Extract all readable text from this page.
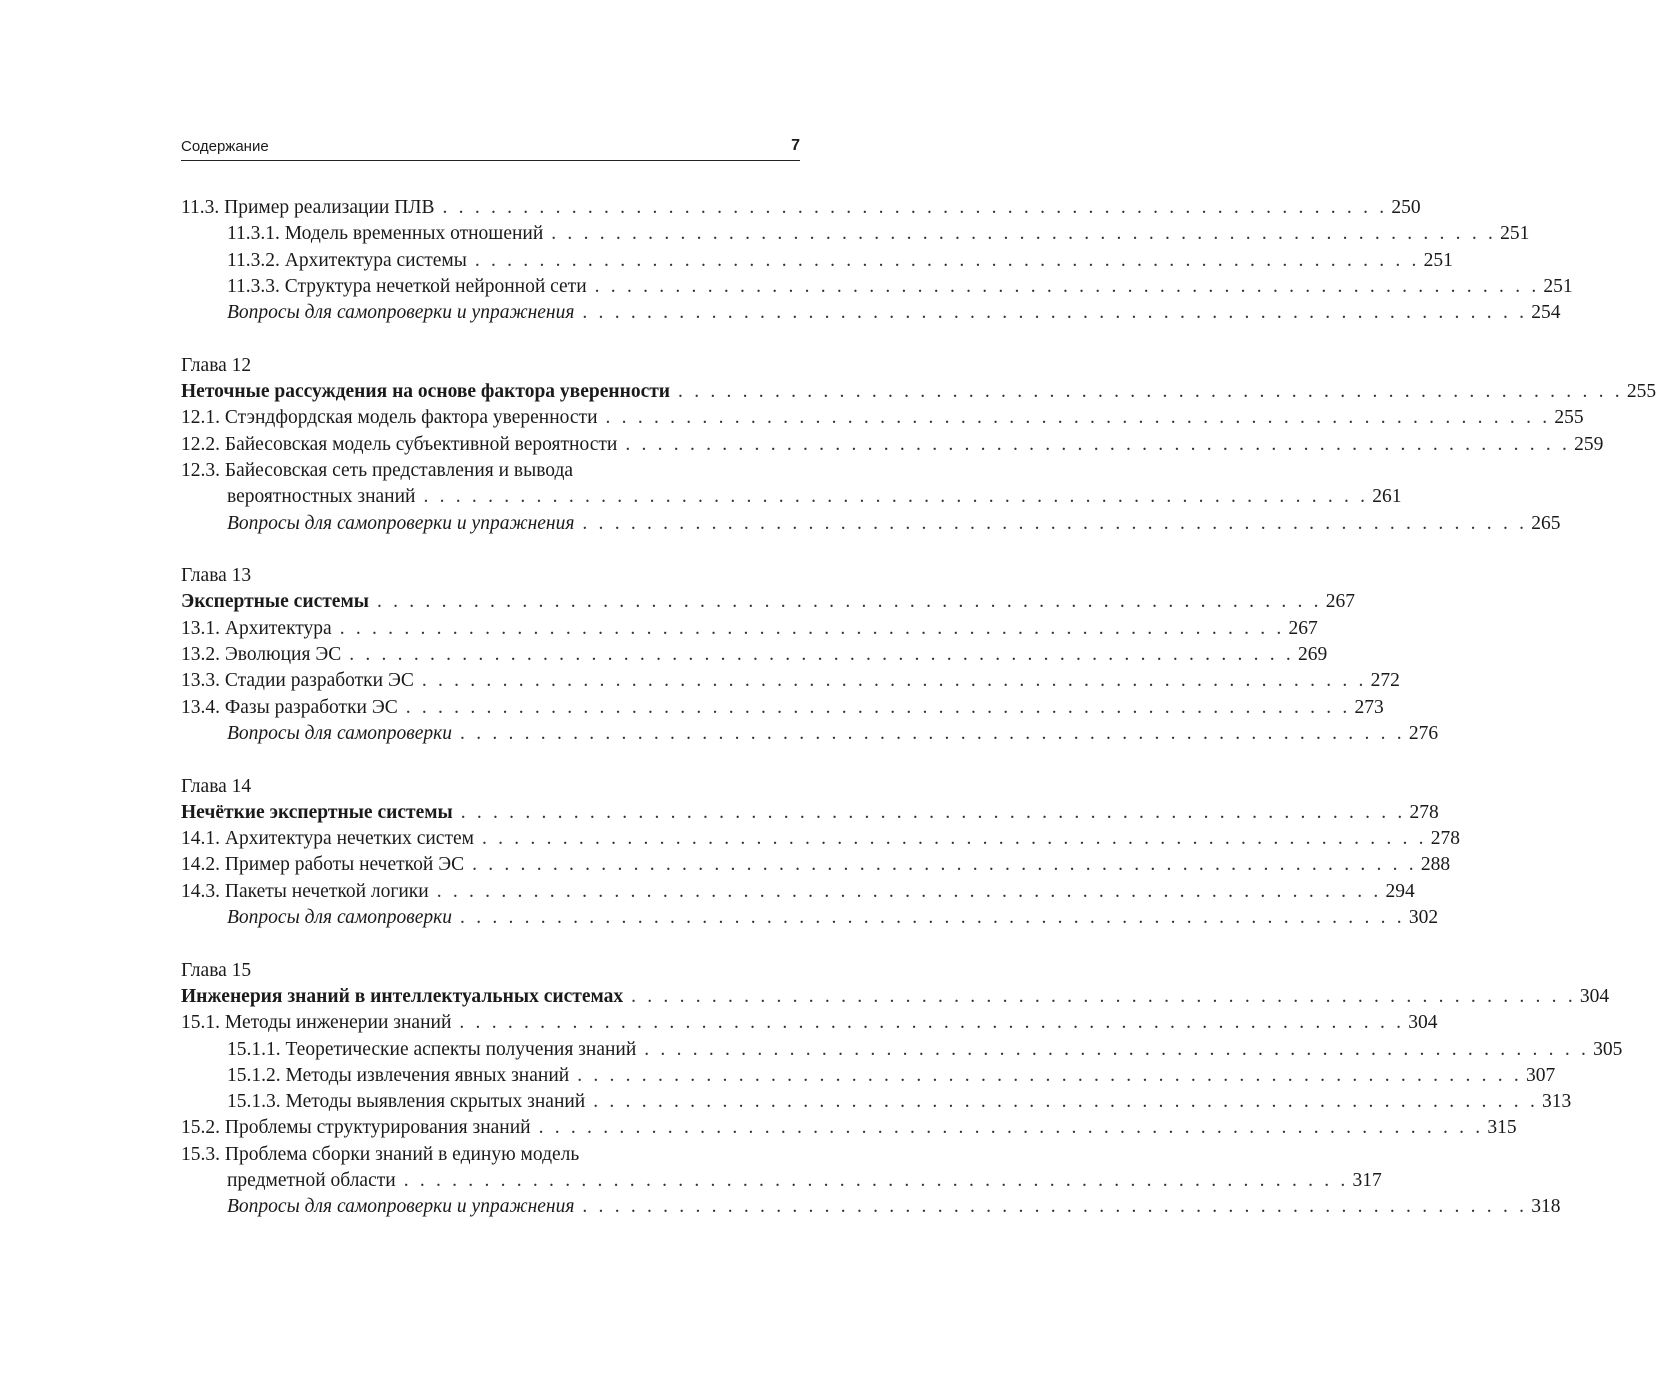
Содержание	7
11.3. Пример реализации ПЛВ . . . . . . . . . . . . . . . . . . . . . . . . . . . . . . . . . . . . . . . . . . . . . . . . . . . . . . . . . . . 250
11.3.1. Модель временных отношений . . . . . . . . . . . . . . . . . . . . . . . . . . . . . . . . . . . . . . . . . . . . . . . . . . . . . . . . . . . 251
11.3.2. Архитектура системы . . . . . . . . . . . . . . . . . . . . . . . . . . . . . . . . . . . . . . . . . . . . . . . . . . . . . . . . . . . 251
11.3.3. Структура нечеткой нейронной сети . . . . . . . . . . . . . . . . . . . . . . . . . . . . . . . . . . . . . . . . . . . . . . . . . . . . . . . . . . . 251
Вопросы для самопроверки и упражнения . . . . . . . . . . . . . . . . . . . . . . . . . . . . . . . . . . . . . . . . . . . . . . . . . . . . . . . . . . . 254
Глава 12
Неточные рассуждения на основе фактора уверенности . . . . . . . . . . . . . . . . . . . . . . . . . . . . . . . . . . . . . . . . . . . . . . . . . . . . . . . . . . . 255
12.1. Стэндфордская модель фактора уверенности . . . . . . . . . . . . . . . . . . . . . . . . . . . . . . . . . . . . . . . . . . . . . . . . . . . . . . . . . . . 255
12.2. Байесовская модель субъективной вероятности . . . . . . . . . . . . . . . . . . . . . . . . . . . . . . . . . . . . . . . . . . . . . . . . . . . . . . . . . . . 259
12.3. Байесовская сеть представления и вывода
вероятностных знаний . . . . . . . . . . . . . . . . . . . . . . . . . . . . . . . . . . . . . . . . . . . . . . . . . . . . . . . . . . . 261
Вопросы для самопроверки и упражнения . . . . . . . . . . . . . . . . . . . . . . . . . . . . . . . . . . . . . . . . . . . . . . . . . . . . . . . . . . . 265
Глава 13
Экспертные системы . . . . . . . . . . . . . . . . . . . . . . . . . . . . . . . . . . . . . . . . . . . . . . . . . . . . . . . . . . . 267
13.1. Архитектура . . . . . . . . . . . . . . . . . . . . . . . . . . . . . . . . . . . . . . . . . . . . . . . . . . . . . . . . . . . 267
13.2. Эволюция ЭС . . . . . . . . . . . . . . . . . . . . . . . . . . . . . . . . . . . . . . . . . . . . . . . . . . . . . . . . . . . 269
13.3. Стадии разработки ЭС . . . . . . . . . . . . . . . . . . . . . . . . . . . . . . . . . . . . . . . . . . . . . . . . . . . . . . . . . . . 272
13.4. Фазы разработки ЭС . . . . . . . . . . . . . . . . . . . . . . . . . . . . . . . . . . . . . . . . . . . . . . . . . . . . . . . . . . . 273
Вопросы для самопроверки . . . . . . . . . . . . . . . . . . . . . . . . . . . . . . . . . . . . . . . . . . . . . . . . . . . . . . . . . . . 276
Глава 14
Нечёткие экспертные системы . . . . . . . . . . . . . . . . . . . . . . . . . . . . . . . . . . . . . . . . . . . . . . . . . . . . . . . . . . . 278
14.1. Архитектура нечетких систем . . . . . . . . . . . . . . . . . . . . . . . . . . . . . . . . . . . . . . . . . . . . . . . . . . . . . . . . . . . 278
14.2. Пример работы нечеткой ЭС . . . . . . . . . . . . . . . . . . . . . . . . . . . . . . . . . . . . . . . . . . . . . . . . . . . . . . . . . . . 288
14.3. Пакеты нечеткой логики . . . . . . . . . . . . . . . . . . . . . . . . . . . . . . . . . . . . . . . . . . . . . . . . . . . . . . . . . . . 294
Вопросы для самопроверки . . . . . . . . . . . . . . . . . . . . . . . . . . . . . . . . . . . . . . . . . . . . . . . . . . . . . . . . . . . 302
Глава 15
Инженерия знаний в интеллектуальных системах . . . . . . . . . . . . . . . . . . . . . . . . . . . . . . . . . . . . . . . . . . . . . . . . . . . . . . . . . . . 304
15.1. Методы инженерии знаний . . . . . . . . . . . . . . . . . . . . . . . . . . . . . . . . . . . . . . . . . . . . . . . . . . . . . . . . . . . 304
15.1.1. Теоретические аспекты получения знаний . . . . . . . . . . . . . . . . . . . . . . . . . . . . . . . . . . . . . . . . . . . . . . . . . . . . . . . . . . . 305
15.1.2. Методы извлечения явных знаний . . . . . . . . . . . . . . . . . . . . . . . . . . . . . . . . . . . . . . . . . . . . . . . . . . . . . . . . . . . 307
15.1.3. Методы выявления скрытых знаний . . . . . . . . . . . . . . . . . . . . . . . . . . . . . . . . . . . . . . . . . . . . . . . . . . . . . . . . . . . 313
15.2. Проблемы структурирования знаний . . . . . . . . . . . . . . . . . . . . . . . . . . . . . . . . . . . . . . . . . . . . . . . . . . . . . . . . . . . 315
15.3. Проблема сборки знаний в единую модель
предметной области . . . . . . . . . . . . . . . . . . . . . . . . . . . . . . . . . . . . . . . . . . . . . . . . . . . . . . . . . . . 317
Вопросы для самопроверки и упражнения . . . . . . . . . . . . . . . . . . . . . . . . . . . . . . . . . . . . . . . . . . . . . . . . . . . . . . . . . . . 318
